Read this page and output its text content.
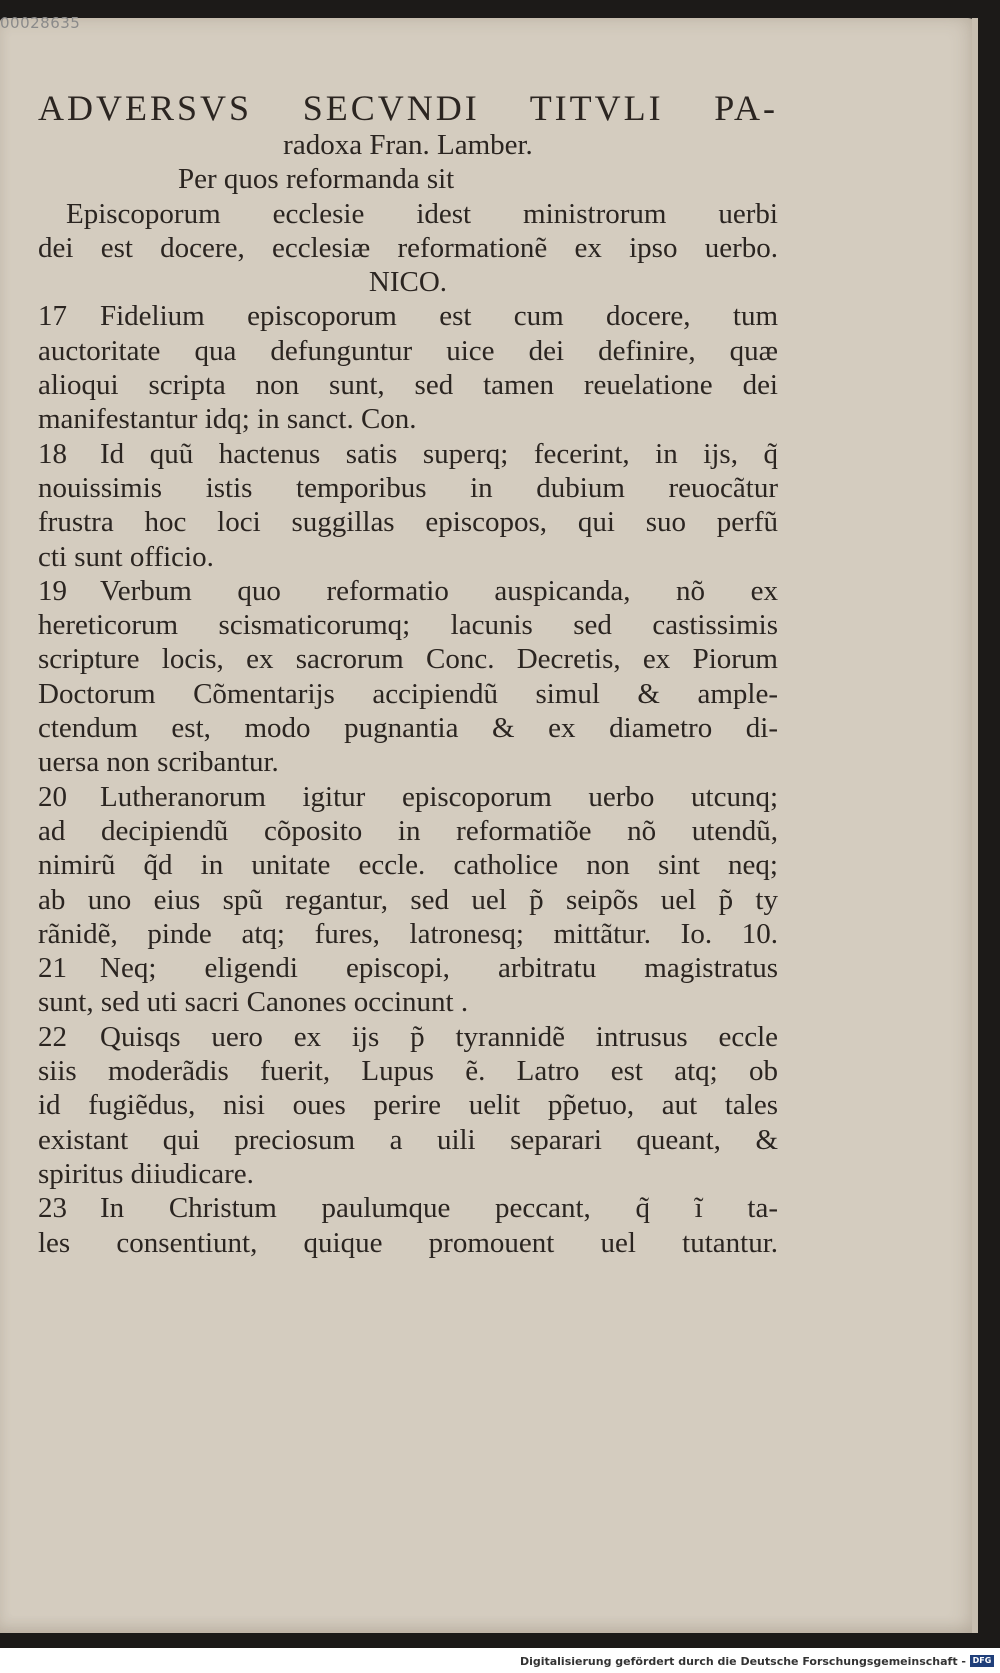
00028635
ADVERSVS SECVNDI TITVLI PA-
radoxa Fran. Lamber.
Per quos reformanda sit
Episcoporum ecclesie idest ministrorum uerbi
dei est docere, ecclesiæ reformationẽ ex ipso uerbo.
NICO.
17 Fidelium episcoporum est cum docere, tum
auctoritate qua defunguntur uice dei definire, quæ
alioqui scripta non sunt, sed tamen reuelatione dei
manifestantur idq; in sanct. Con.
18 Id quũ hactenus satis superq; fecerint, in ijs, q̃
nouissimis istis temporibus in dubium reuocãtur
frustra hoc loci suggillas episcopos, qui suo perfũ
cti sunt officio.
19 Verbum quo reformatio auspicanda, nõ ex
hereticorum scismaticorumq; lacunis sed castissimis
scripture locis, ex sacrorum Conc. Decretis, ex Piorum
Doctorum Cõmentarijs accipiendũ simul & ample-
ctendum est, modo pugnantia & ex diametro di-
uersa non scribantur.
20 Lutheranorum igitur episcoporum uerbo utcunq;
ad decipiendũ cõposito in reformatiõe nõ utendũ,
nimirũ q̃d in unitate eccle. catholice non sint neq;
ab uno eius spũ regantur, sed uel p̃ seipõs uel p̃ ty
rãnidẽ, pinde atq; fures, latronesq; mittãtur. Io. 10.
21 Neq; eligendi episcopi, arbitratu magistratus
sunt, sed uti sacri Canones occinunt .
22 Quisqs uero ex ijs p̃ tyrannidẽ intrusus eccle
siis moderãdis fuerit, Lupus ẽ. Latro est atq; ob
id fugiẽdus, nisi oues perire uelit pp̃etuo, aut tales
existant qui preciosum a uili separari queant, &
spiritus diiudicare.
23 In Christum paulumque peccant, q̃ ĩ ta-
les consentiunt, quique promouent uel tutantur.
Digitalisierung gefördert durch die Deutsche Forschungsgemeinschaft - DFG
